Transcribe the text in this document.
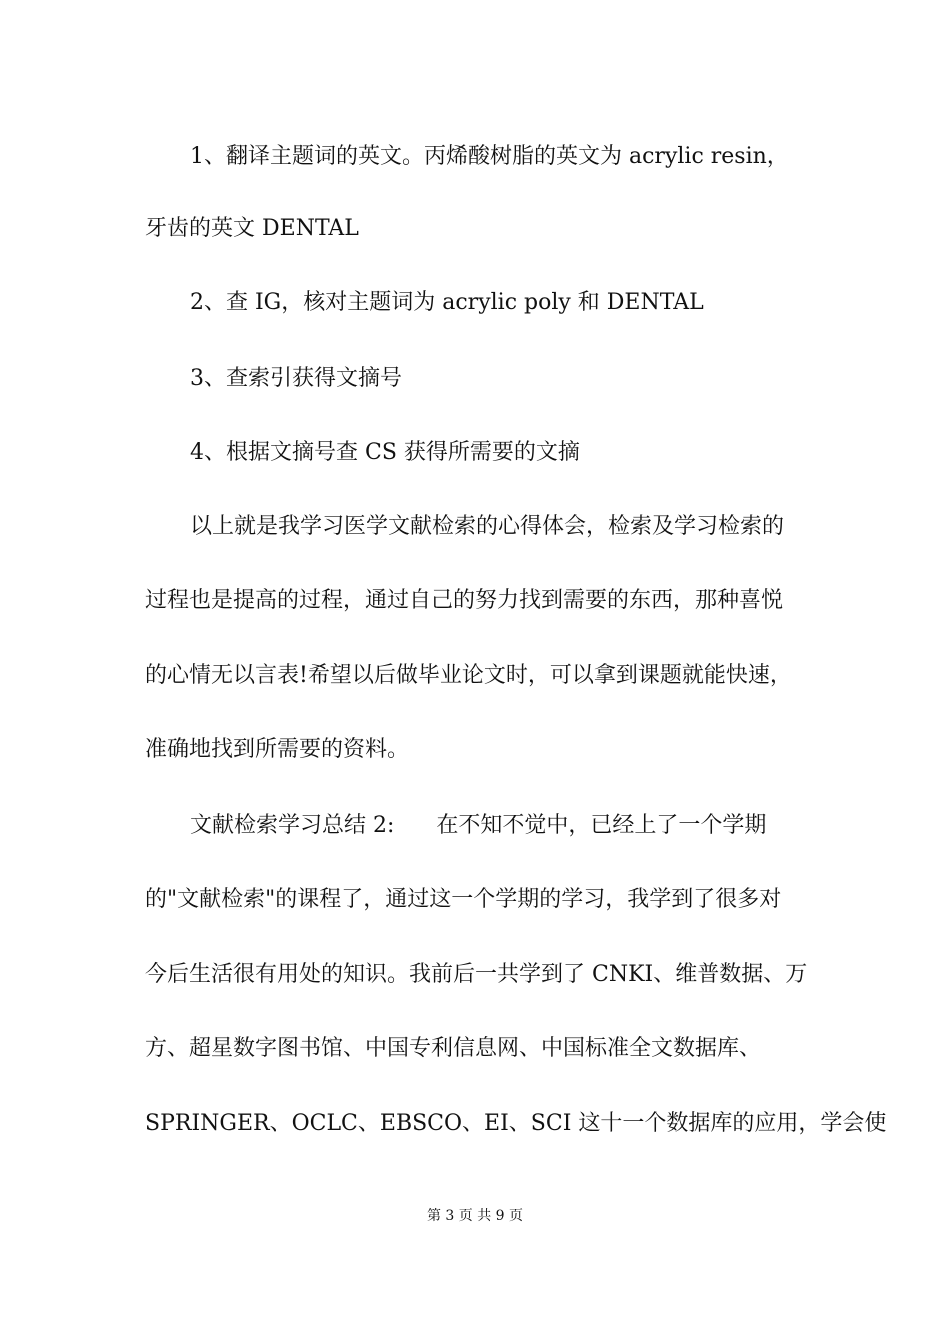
1、翻译主题词的英文。丙烯酸树脂的英文为 acrylic resin，
牙齿的英文 DENTAL
2、查 IG，核对主题词为 acrylic poly 和 DENTAL
3、查索引获得文摘号
4、根据文摘号查 CS 获得所需要的文摘
以上就是我学习医学文献检索的心得体会，检索及学习检索的
过程也是提高的过程，通过自己的努力找到需要的东西，那种喜悦
的心情无以言表!希望以后做毕业论文时，可以拿到课题就能快速，
准确地找到所需要的资料。
文献检索学习总结 2:      在不知不觉中，已经上了一个学期
的"文献检索"的课程了，通过这一个学期的学习，我学到了很多对
今后生活很有用处的知识。我前后一共学到了 CNKI、维普数据、万
方、超星数字图书馆、中国专利信息网、中国标准全文数据库、
SPRINGER、OCLC、EBSCO、EI、SCI 这十一个数据库的应用，学会使
第 3 页 共 9 页
